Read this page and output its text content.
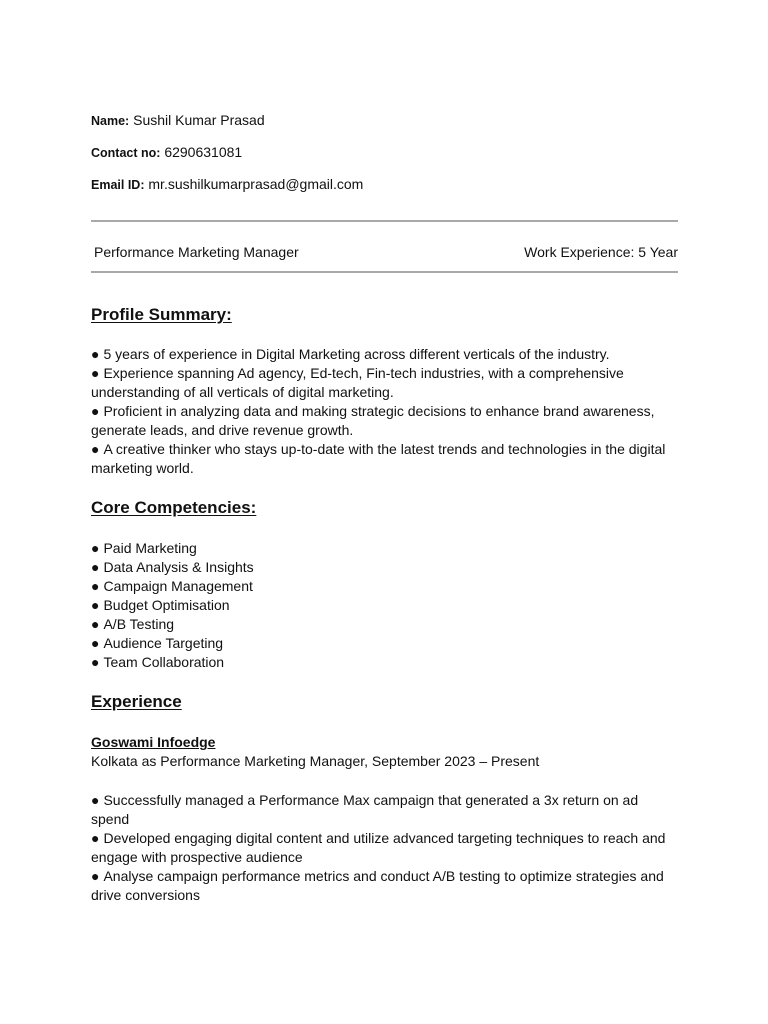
Name: Sushil Kumar Prasad
Contact no: 6290631081
Email ID: mr.sushilkumarprasad@gmail.com
Performance Marketing Manager	Work Experience: 5 Year
Profile Summary:
● 5 years of experience in Digital Marketing across different verticals of the industry.
● Experience spanning Ad agency, Ed-tech, Fin-tech industries, with a comprehensive understanding of all verticals of digital marketing.
● Proficient in analyzing data and making strategic decisions to enhance brand awareness, generate leads, and drive revenue growth.
● A creative thinker who stays up-to-date with the latest trends and technologies in the digital marketing world.
Core Competencies:
● Paid Marketing
● Data Analysis & Insights
● Campaign Management
● Budget Optimisation
● A/B Testing
● Audience Targeting
● Team Collaboration
Experience
Goswami Infoedge
Kolkata as Performance Marketing Manager, September 2023 – Present
● Successfully managed a Performance Max campaign that generated a 3x return on ad spend
● Developed engaging digital content and utilize advanced targeting techniques to reach and engage with prospective audience
● Analyse campaign performance metrics and conduct A/B testing to optimize strategies and drive conversions
